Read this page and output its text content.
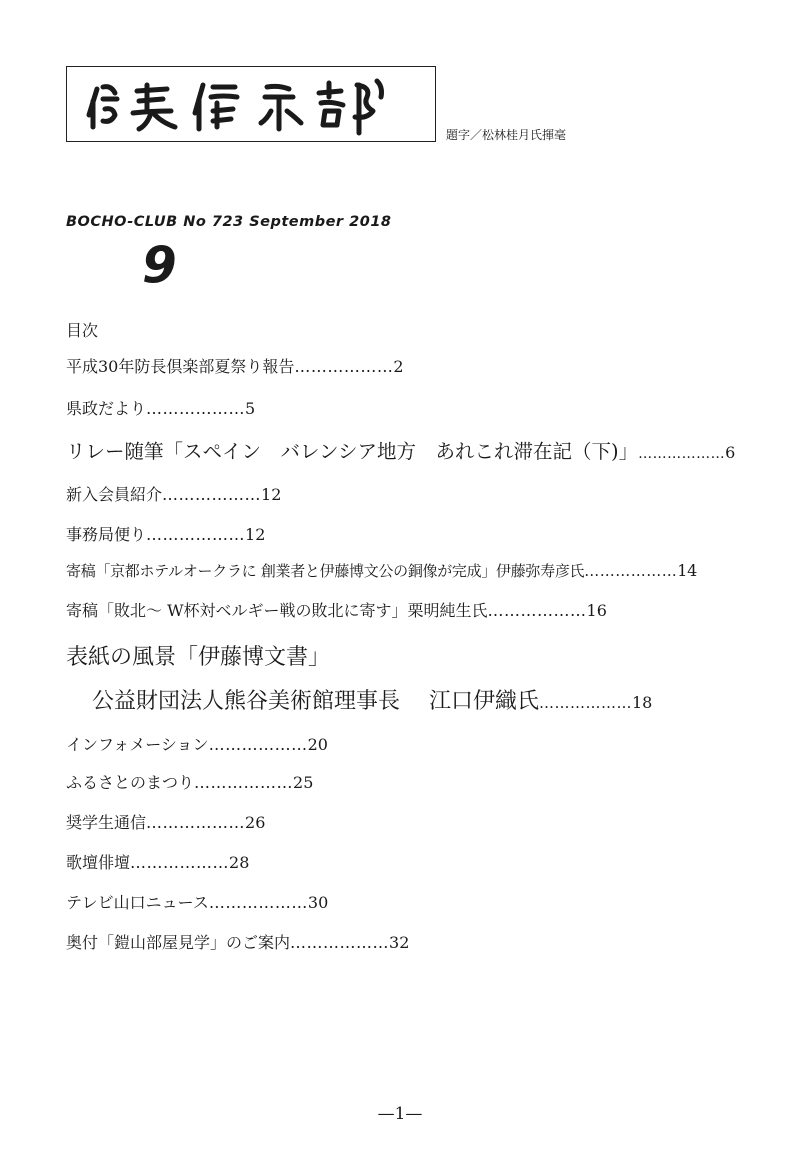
題字／松林桂月氏揮毫
BOCHO-CLUB No 723 September 2018
9
目次
平成30年防長倶楽部夏祭り報告………………2
県政だより………………5
リレー随筆「スペイン　バレンシア地方　あれこれ滞在記（下)」………………6
新入会員紹介………………12
事務局便り………………12
寄稿「京都ホテルオークラに 創業者と伊藤博文公の銅像が完成」伊藤弥寿彦氏………………14
寄稿「敗北～ W杯対ベルギー戦の敗北に寄す」栗明純生氏………………16
表紙の風景「伊藤博文書」
公益財団法人熊谷美術館理事長　 江口伊織氏………………18
インフォメーション………………20
ふるさとのまつり………………25
奨学生通信………………26
歌壇俳壇………………28
テレビ山口ニュース………………30
奥付「鎧山部屋見学」のご案内………………32
—1—
